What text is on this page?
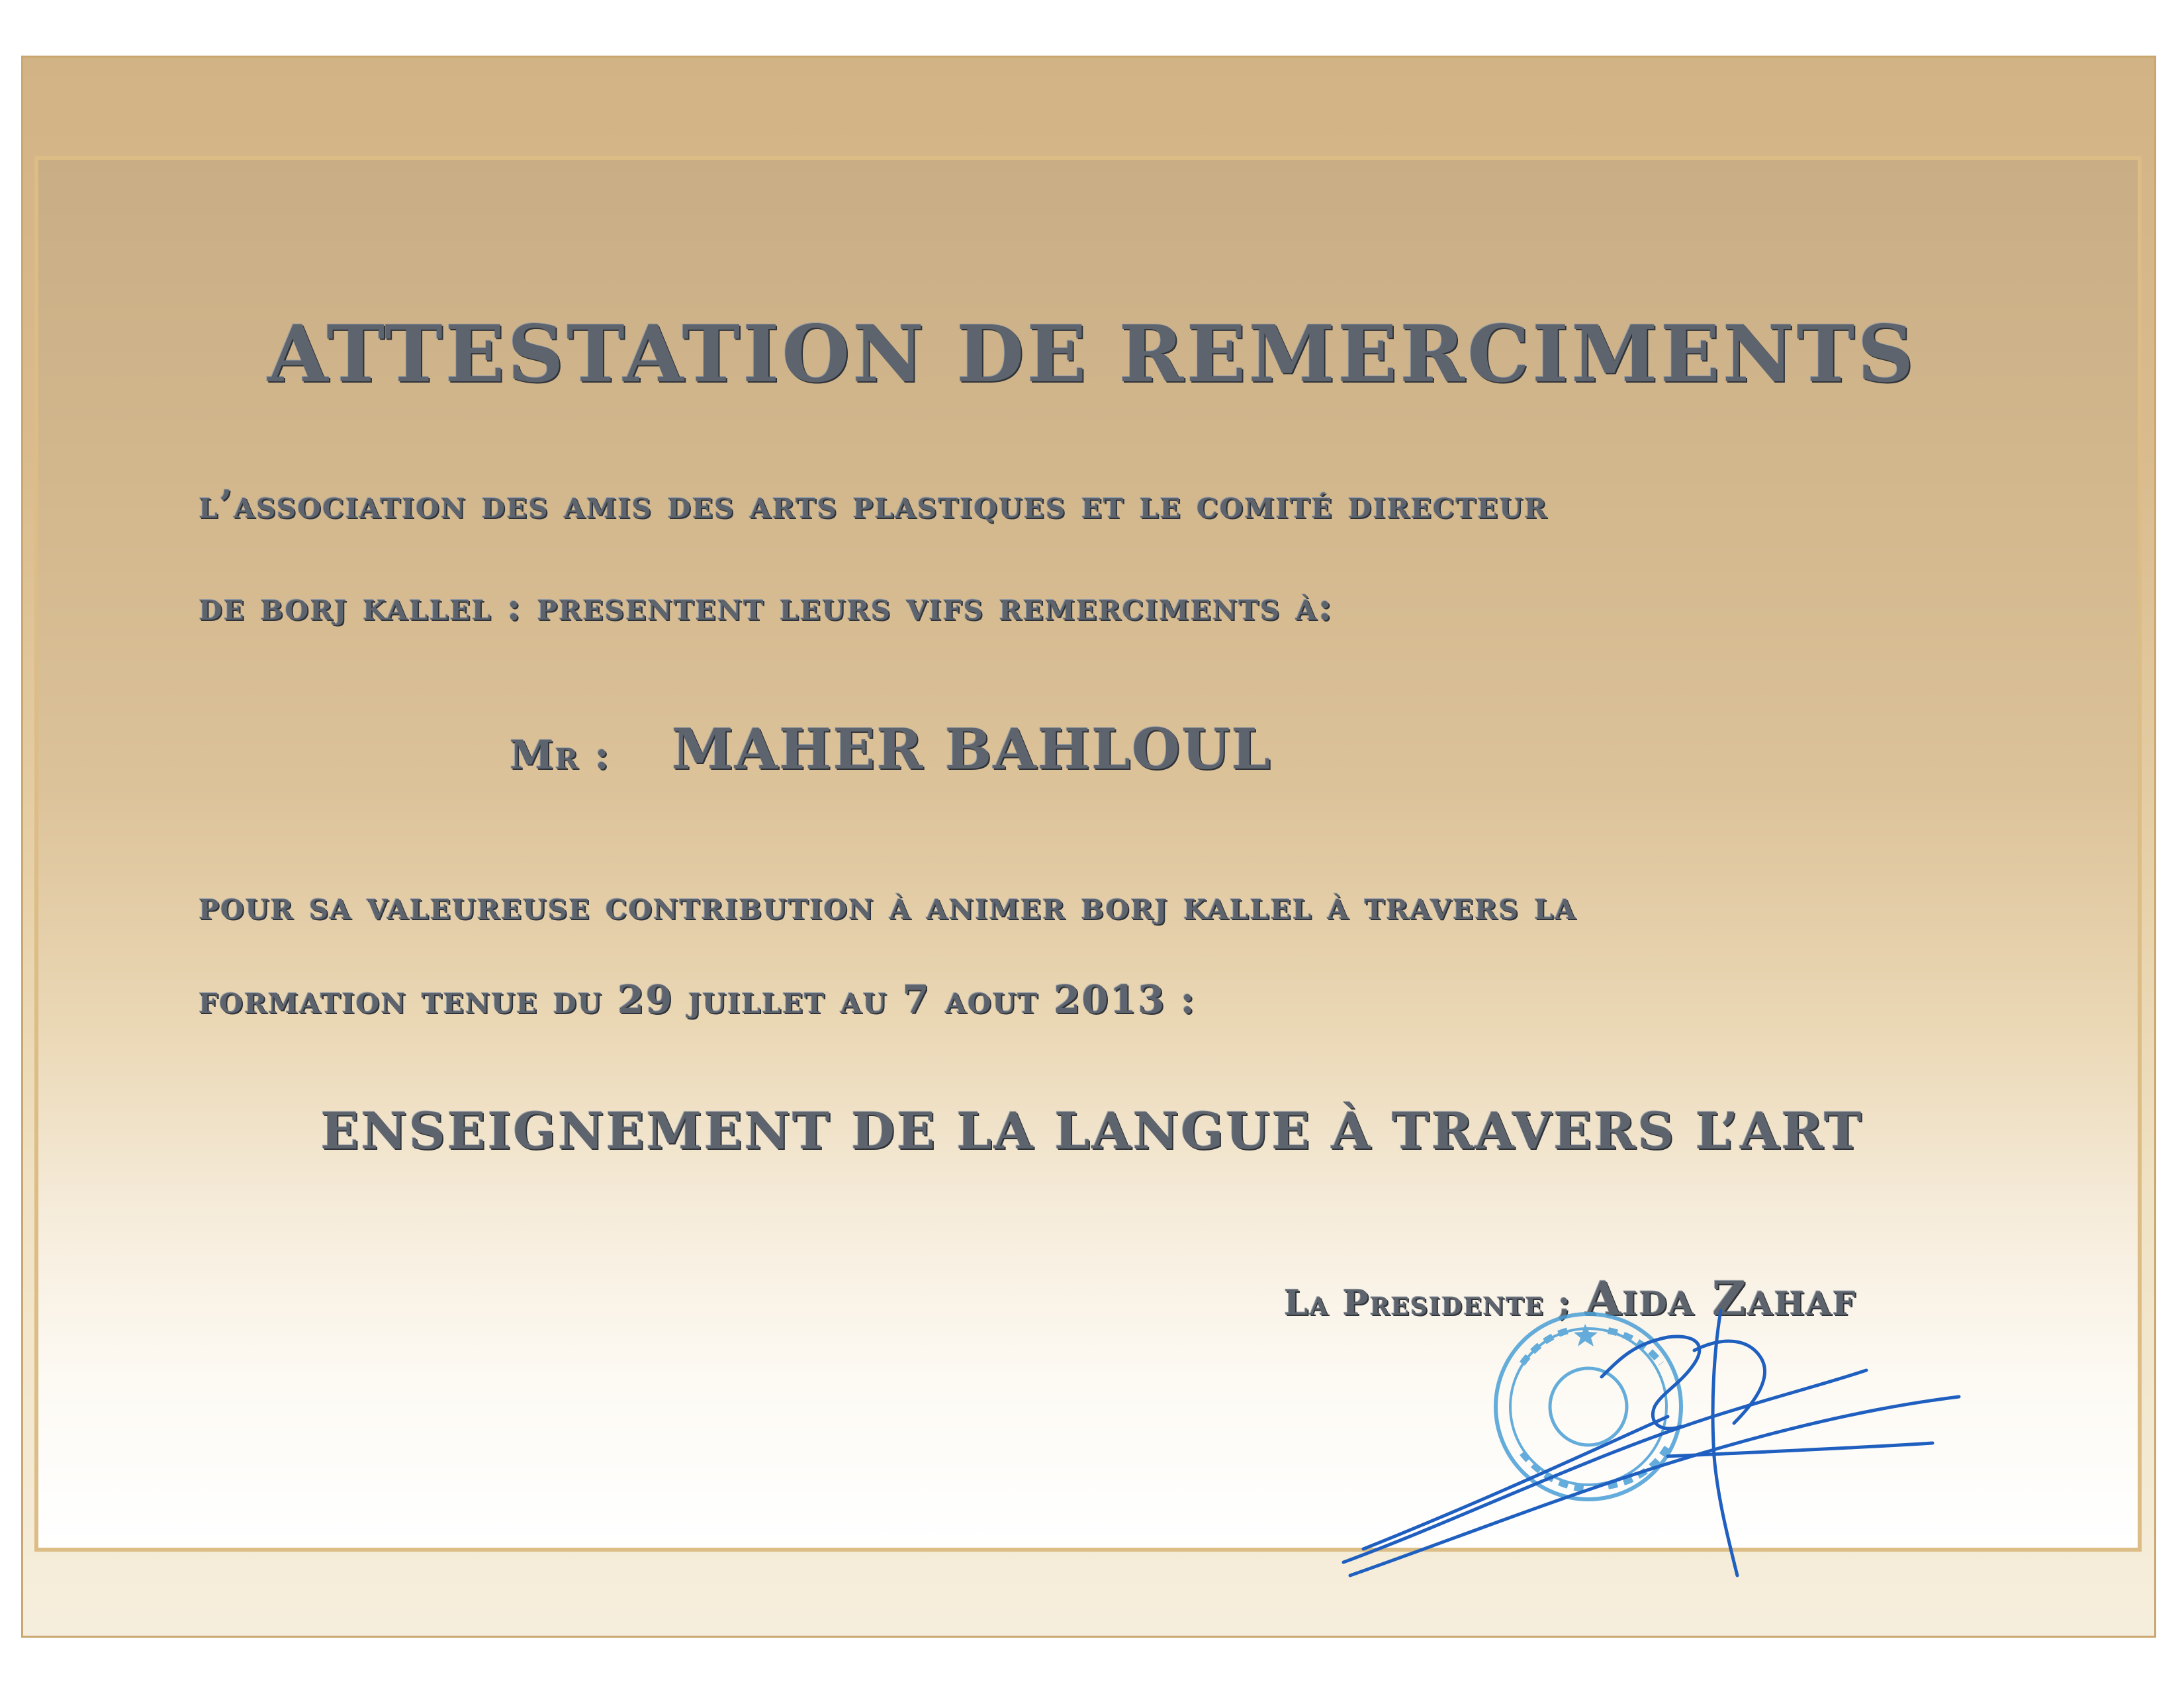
ATTESTATION DE REMERCIMENTS
l’association des amis des arts plastiques et le comité directeur
de borj kallel : presentent leurs vifs remerciments à:
Mr : MAHER BAHLOUL
pour sa valeureuse contribution à animer borj kallel à travers la
formation tenue du 29 juillet au 7 aout 2013 :
ENSEIGNEMENT DE LA LANGUE À TRAVERS L’ART
La Presidente ; Aida Zahaf
